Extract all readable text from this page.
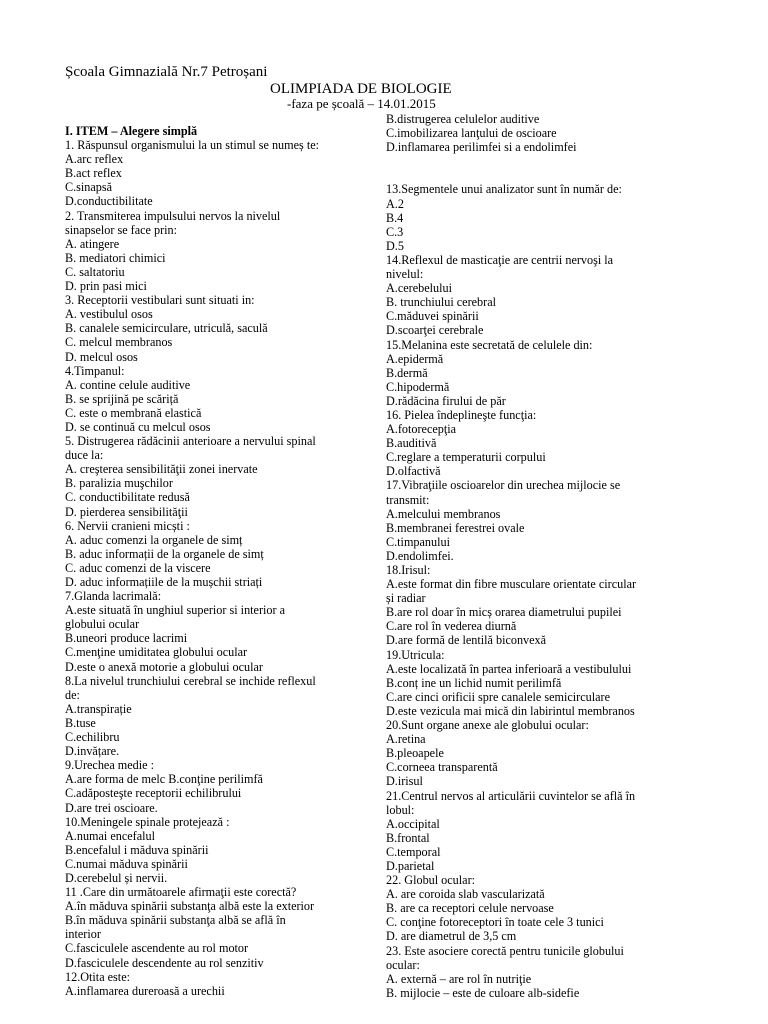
Școala Gimnazială Nr.7 Petroșani
OLIMPIADA DE BIOLOGIE
-faza pe școală – 14.01.2015
I. ITEM – Alegere simplă
1. Răspunsul organismului la un stimul se numeș te:
A.arc reflex
B.act reflex
C.sinapsă
D.conductibilitate
2. Transmiterea impulsului nervos la nivelul
sinapselor se face prin:
A. atingere
B. mediatori chimici
C. saltatoriu
D. prin pasi mici
3. Receptorii vestibulari sunt situati in:
A. vestibulul osos
B. canalele semicirculare, utriculă, saculă
C. melcul membranos
D. melcul osos
4.Timpanul:
A. contine celule auditive
B. se sprijină pe scăriță
C. este o membrană elastică
D. se continuă cu melcul osos
5. Distrugerea rădăcinii anterioare a nervului spinal
duce la:
A. creşterea sensibilităţii zonei inervate
B. paralizia muşchilor
C. conductibilitate redusă
D. pierderea sensibilităţii
6. Nervii cranieni micști :
A. aduc comenzi la organele de simț
B. aduc informații de la organele de simț
C. aduc comenzi de la viscere
D. aduc informațiile de la mușchii striați
7.Glanda lacrimală:
A.este situată în unghiul superior si interior a
globului ocular
B.uneori produce lacrimi
C.menţine umiditatea globului ocular
D.este o anexă motorie a globului ocular
8.La nivelul trunchiului cerebral se inchide reflexul
de:
A.transpirație
B.tuse
C.echilibru
D.invățare.
9.Urechea medie :
A.are forma de melc B.conţine perilimfă
C.adăposteşte receptorii echilibrului
D.are trei oscioare.
10.Meningele spinale protejează :
A.numai encefalul
B.encefalul i măduva spinării
C.numai măduva spinării
D.cerebelul și nervii.
11 .Care din următoarele afirmaţii este corectă?
A.în măduva spinării substanţa albă este la exterior
B.în măduva spinării substanţa albă se află în
interior
C.fasciculele ascendente au rol motor
D.fasciculele descendente au rol senzitiv
12.Otita este:
A.inflamarea dureroasă a urechii
B.distrugerea celulelor auditive
C.imobilizarea lanţului de oscioare
D.inflamarea perilimfei si a endolimfei
13.Segmentele unui analizator sunt în număr de:
A.2
B.4
C.3
D.5
14.Reflexul de masticaţie are centrii nervoşi la
nivelul:
A.cerebelului
B. trunchiului cerebral
C.măduvei spinării
D.scoarţei cerebrale
15.Melanina este secretată de celulele din:
A.epidermă
B.dermă
C.hipodermă
D.rădăcina firului de păr
16. Pielea îndeplineşte funcţia:
A.fotorecepţia
B.auditivă
C.reglare a temperaturii corpului
D.olfactivă
17.Vibraţiile oscioarelor din urechea mijlocie se
transmit:
A.melcului membranos
B.membranei ferestrei ovale
C.timpanului
D.endolimfei.
18.Irisul:
A.este format din fibre musculare orientate circular
și radiar
B.are rol doar în micș orarea diametrului pupilei
C.are rol în vederea diurnă
D.are formă de lentilă biconvexă
19.Utricula:
A.este localizată în partea inferioară a vestibulului
B.conț ine un lichid numit perilimfă
C.are cinci orificii spre canalele semicirculare
D.este vezicula mai mică din labirintul membranos
20.Sunt organe anexe ale globului ocular:
A.retina
B.pleoapele
C.corneea transparentă
D.irisul
21.Centrul nervos al articulării cuvintelor se află în
lobul:
A.occipital
B.frontal
C.temporal
D.parietal
22. Globul ocular:
A. are coroida slab vascularizată
B. are ca receptori celule nervoase
C. conţine fotoreceptori în toate cele 3 tunici
D. are diametrul de 3,5 cm
23. Este asociere corectă pentru tunicile globului
ocular:
A. externă – are rol în nutriţie
B. mijlocie – este de culoare alb-sidefie
